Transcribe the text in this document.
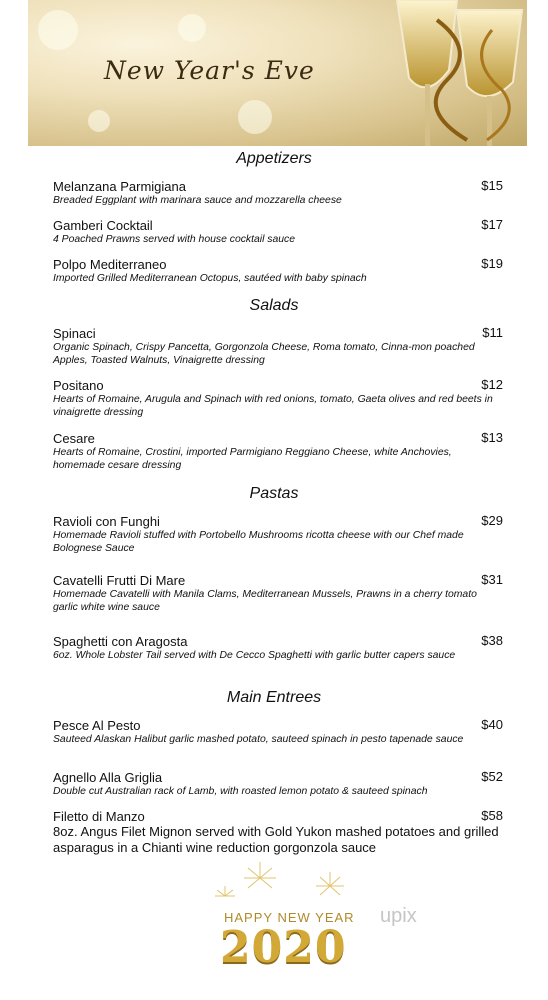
New Year's Eve
Appetizers
Melanzana Parmigiana	$15
Breaded Eggplant with marinara sauce and mozzarella cheese
Gamberi Cocktail	$17
4 Poached Prawns served with house cocktail sauce
Polpo Mediterraneo	$19
Imported Grilled Mediterranean Octopus, sautéed with baby spinach
Salads
Spinaci	$11
Organic Spinach, Crispy Pancetta, Gorgonzola Cheese, Roma tomato, Cinna-mon poached Apples, Toasted Walnuts, Vinaigrette dressing
Positano	$12
Hearts of Romaine, Arugula and Spinach with red onions, tomato, Gaeta olives and red beets in vinaigrette dressing
Cesare	$13
Hearts of Romaine, Crostini, imported Parmigiano Reggiano Cheese, white Anchovies, homemade cesare dressing
Pastas
Ravioli con Funghi	$29
Homemade Ravioli stuffed with Portobello Mushrooms ricotta cheese with our Chef made Bolognese Sauce
Cavatelli Frutti Di Mare	$31
Homemade Cavatelli with Manila Clams, Mediterranean Mussels, Prawns in a cherry tomato garlic white wine sauce
Spaghetti con Aragosta	$38
6oz. Whole Lobster Tail served with De Cecco Spaghetti with garlic butter capers sauce
Main Entrees
Pesce Al Pesto	$40
Sauteed Alaskan Halibut garlic mashed potato, sauteed spinach in pesto tapenade sauce
Agnello Alla Griglia	$52
Double cut Australian rack of Lamb, with roasted lemon potato & sauteed spinach
Filetto di Manzo	$58
8oz. Angus Filet Mignon served with Gold Yukon mashed potatoes and grilled asparagus in a Chianti wine reduction gorgonzola sauce
HAPPY NEW YEAR
2020
upix
